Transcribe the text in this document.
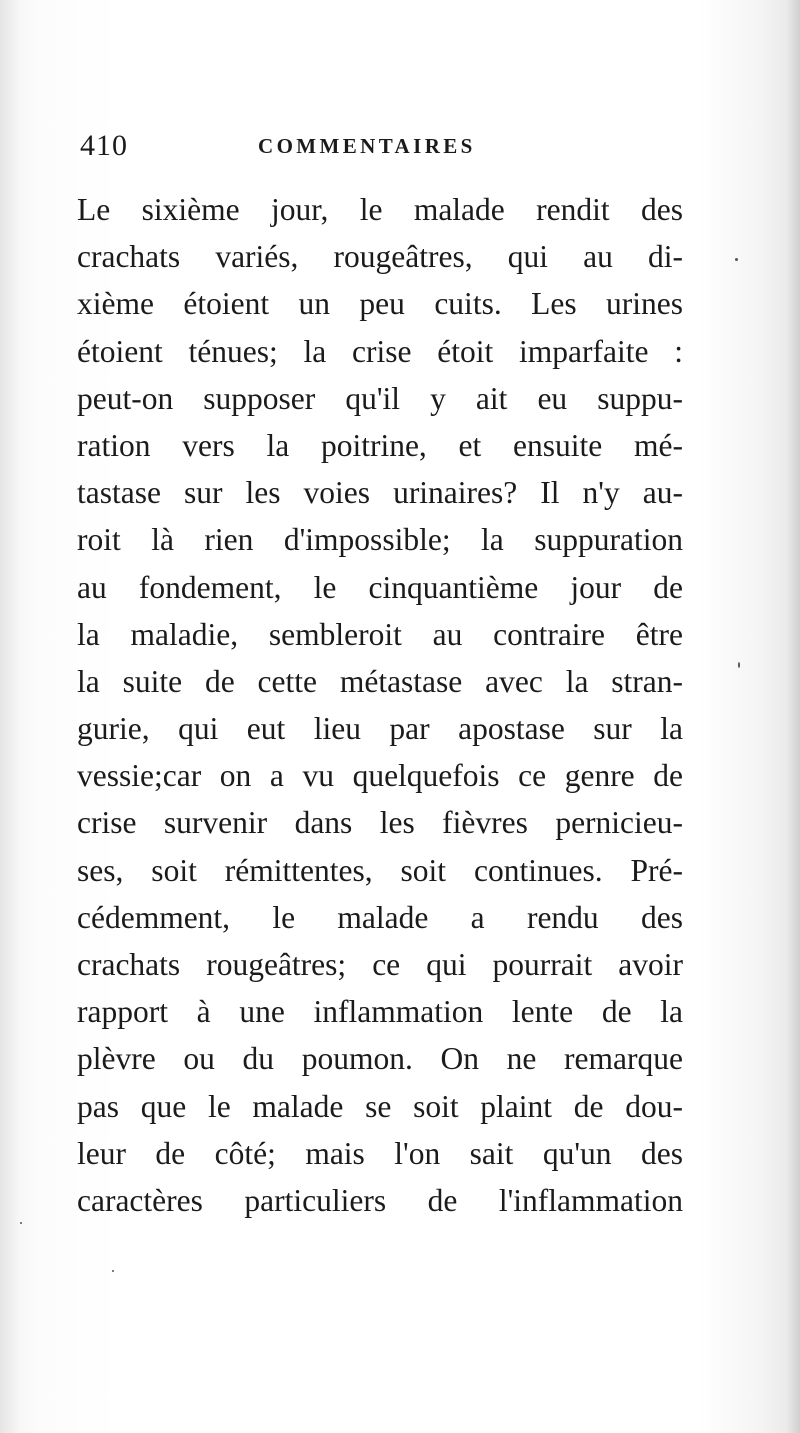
410	COMMENTAIRES
Le sixième jour, le malade rendit des
crachats variés, rougeâtres, qui au di-
xième étoient un peu cuits. Les urines
étoient ténues; la crise étoit imparfaite :
peut-on supposer qu'il y ait eu suppu-
ration vers la poitrine, et ensuite mé-
tastase sur les voies urinaires? Il n'y au-
roit là rien d'impossible; la suppuration
au fondement, le cinquantième jour de
la maladie, sembleroit au contraire être
la suite de cette métastase avec la stran-
gurie, qui eut lieu par apostase sur la
vessie;car on a vu quelquefois ce genre de
crise survenir dans les fièvres pernicieu-
ses, soit rémittentes, soit continues. Pré-
cédemment, le malade a rendu des
crachats rougeâtres; ce qui pourrait avoir
rapport à une inflammation lente de la
plèvre ou du poumon. On ne remarque
pas que le malade se soit plaint de dou-
leur de côté; mais l'on sait qu'un des
caractères particuliers de l'inflammation
